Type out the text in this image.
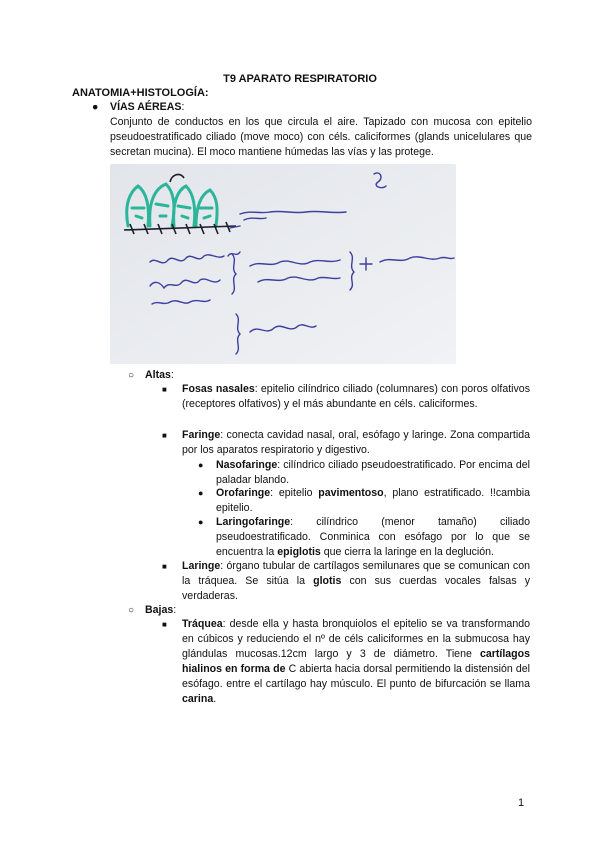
T9 APARATO RESPIRATORIO
ANATOMIA+HISTOLOGÍA:
● VÍAS AÉREAS:
Conjunto de conductos en los que circula el aire. Tapizado con mucosa con epitelio pseudoestratificado ciliado (move moco) con céls. caliciformes (glands unicelulares que secretan mucina). El moco mantiene húmedas las vías y las protege.
○ Altas:
■ Fosas nasales: epitelio cilíndrico ciliado (columnares) con poros olfativos (receptores olfativos) y el más abundante en céls. caliciformes.
■ Faringe: conecta cavidad nasal, oral, esófago y laringe. Zona compartida por los aparatos respiratorio y digestivo.
● Nasofaringe: cilíndrico ciliado pseudoestratificado. Por encima del paladar blando.
● Orofaringe: epitelio pavimentoso, plano estratificado. !!cambia epitelio.
● Laringofaringe: cilíndrico (menor tamaño) ciliado pseudoestratificado. Conminica con esófago por lo que se encuentra la epiglotis que cierra la laringe en la deglución.
■ Laringe: órgano tubular de cartílagos semilunares que se comunican con la tráquea. Se sitúa la glotis con sus cuerdas vocales falsas y verdaderas.
○ Bajas:
■ Tráquea: desde ella y hasta bronquiolos el epitelio se va transformando en cúbicos y reduciendo el nº de céls caliciformes en la submucosa hay glándulas mucosas.12cm largo y 3 de diámetro. Tiene cartílagos hialinos en forma de C abierta hacia dorsal permitiendo la distensión del esófago. entre el cartílago hay músculo. El punto de bifurcación se llama carina.
1
